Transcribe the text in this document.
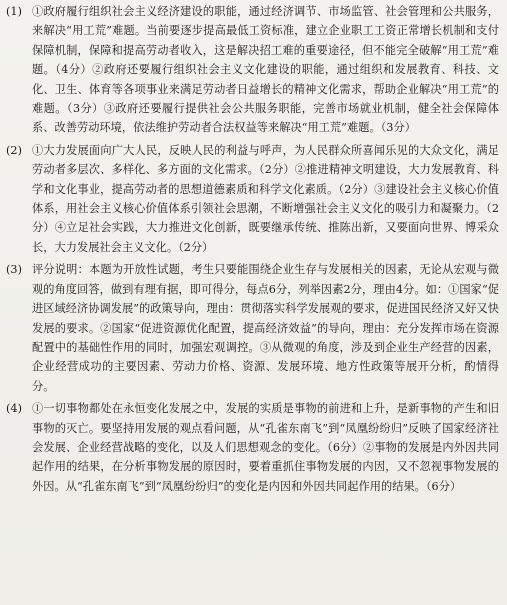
(1) ①政府履行组织社会主义经济建设的职能，通过经济调节、市场监管、社会管理和公共服务，来解决“用工荒”难题。当前要逐步提高最低工资标准，建立企业职工工资正常增长机制和支付保障机制，保障和提高劳动者收入，这是解决招工难的重要途径，但不能完全破解“用工荒”难题。（4分）②政府还要履行组织社会主义文化建设的职能，通过组织和发展教育、科技、文化、卫生、体育等各项事业来满足劳动者日益增长的精神文化需求，帮助企业解决“用工荒”的难题。（3分）③政府还要履行提供社会公共服务职能，完善市场就业机制，健全社会保障体系、改善劳动环境，依法维护劳动者合法权益等来解决“用工荒”难题。（3分）

(2) ①大力发展面向广大人民，反映人民的利益与呼声，为人民群众所喜闻乐见的大众文化，满足劳动者多层次、多样化、多方面的文化需求。（2分）②推进精神文明建设，大力发展教育、科学和文化事业，提高劳动者的思想道德素质和科学文化素质。（2分）③建设社会主义核心价值体系，用社会主义核心价值体系引领社会思潮，不断增强社会主义文化的吸引力和凝聚力。（2分）④立足社会实践，大力推进文化创新，既要继承传统、推陈出新，又要面向世界、博采众长，大力发展社会主义文化。（2分）

(3) 评分说明：本题为开放性试题，考生只要能围绕企业生存与发展相关的因素，无论从宏观与微观的角度回答，做到有理有据，即可得分，每点6分，列举因素2分，理由4分。如：①国家“促进区域经济协调发展”的政策导向，理由：贯彻落实科学发展观的要求，促进国民经济又好又快发展的要求。②国家“促进资源优化配置，提高经济效益”的导向，理由：充分发挥市场在资源配置中的基础性作用的同时，加强宏观调控。③从微观的角度，涉及到企业生产经营的因素，企业经营成功的主要因素、劳动力价格、资源、发展环境、地方性政策等展开分析，酌情得分。

(4) ①一切事物都处在永恒变化发展之中，发展的实质是事物的前进和上升，是新事物的产生和旧事物的灭亡。要坚持用发展的观点看问题，从“孔雀东南飞”到“凤凰纷纷归”反映了国家经济社会发展、企业经营战略的变化，以及人们思想观念的变化。（6分）②事物的发展是内外因共同起作用的结果，在分析事物发展的原因时，要着重抓住事物发展的内因，又不忽视事物发展的外因。从“孔雀东南飞”到“凤凰纷纷归”的变化是内因和外因共同起作用的结果。（6分）
